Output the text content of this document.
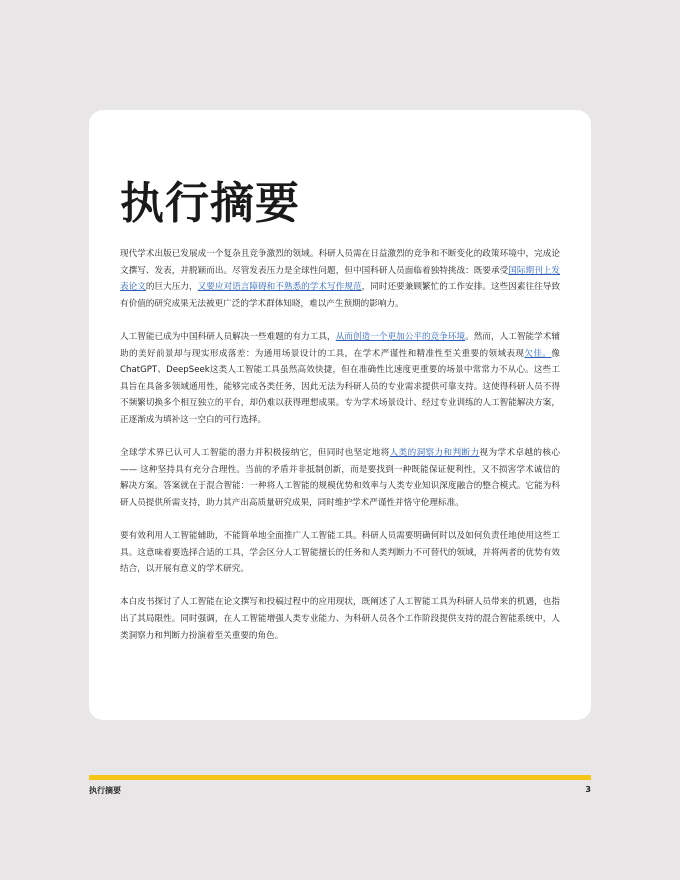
执行摘要

现代学术出版已发展成一个复杂且竞争激烈的领域。科研人员需在日益激烈的竞争和不断变化的政策环境中，完成论文撰写、发表，并脱颖而出。尽管发表压力是全球性问题，但中国科研人员面临着独特挑战：既要承受国际期刊上发表论文的巨大压力，又要应对语言障碍和不熟悉的学术写作规范，同时还要兼顾繁忙的工作安排。这些因素往往导致有价值的研究成果无法被更广泛的学术群体知晓，难以产生预期的影响力。

人工智能已成为中国科研人员解决一些难题的有力工具，从而创造一个更加公平的竞争环境。然而，人工智能学术辅助的美好前景却与现实形成落差：为通用场景设计的工具，在学术严谨性和精准性至关重要的领域表现欠佳。像 ChatGPT、DeepSeek这类人工智能工具虽然高效快捷，但在准确性比速度更重要的场景中常常力不从心。这些工具旨在具备多领域通用性，能够完成各类任务，因此无法为科研人员的专业需求提供可靠支持。这使得科研人员不得不频繁切换多个相互独立的平台，却仍难以获得理想成果。专为学术场景设计、经过专业训练的人工智能解决方案，正逐渐成为填补这一空白的可行选择。

全球学术界已认可人工智能的潜力并积极接纳它，但同时也坚定地将人类的洞察力和判断力视为学术卓越的核心 —— 这种坚持具有充分合理性。当前的矛盾并非抵制创新，而是要找到一种既能保证便利性，又不损害学术诚信的解决方案。答案就在于混合智能：一种将人工智能的规模优势和效率与人类专业知识深度融合的整合模式。它能为科研人员提供所需支持，助力其产出高质量研究成果，同时维护学术严谨性并恪守伦理标准。

要有效利用人工智能辅助，不能简单地全面推广人工智能工具。科研人员需要明确何时以及如何负责任地使用这些工具。这意味着要选择合适的工具，学会区分人工智能擅长的任务和人类判断力不可替代的领域，并将两者的优势有效结合，以开展有意义的学术研究。

本白皮书探讨了人工智能在论文撰写和投稿过程中的应用现状，既阐述了人工智能工具为科研人员带来的机遇，也指出了其局限性。同时强调，在人工智能增强人类专业能力、为科研人员各个工作阶段提供支持的混合智能系统中，人类洞察力和判断力扮演着至关重要的角色。

执行摘要	3
